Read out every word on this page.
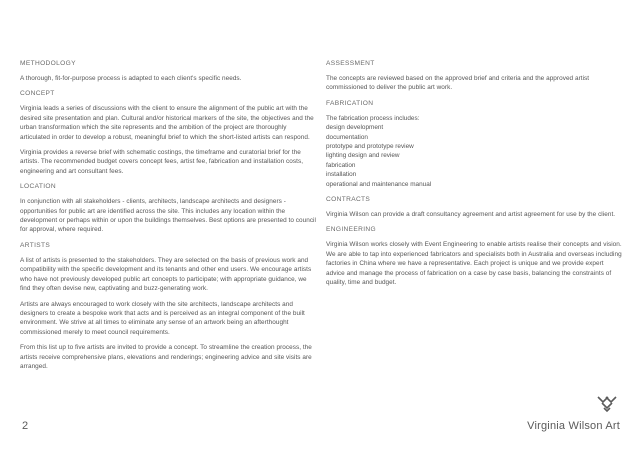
METHODOLOGY
A thorough, fit-for-purpose process is adapted to each client's specific needs.
CONCEPT
Virginia leads a series of discussions with the client to ensure the alignment of the public art with the desired site presentation and plan. Cultural and/or historical markers of the site, the objectives and the urban transformation which the site represents and the ambition of the project are thoroughly articulated in order to develop a robust, meaningful brief to which the short-listed artists can respond.
Virginia provides a reverse brief with schematic costings, the timeframe and curatorial brief for the artists. The recommended budget covers concept fees, artist fee, fabrication and installation costs, engineering and art consultant fees.
LOCATION
In conjunction with all stakeholders - clients, architects, landscape architects and designers - opportunities for public art are identified across the site. This includes any location within the development or perhaps within or upon the buildings themselves. Best options are presented to council for approval, where required.
ARTISTS
A list of artists is presented to the stakeholders. They are selected on the basis of previous work and compatibility with the specific development and its tenants and other end users. We encourage artists who have not previously developed public art concepts to participate; with appropriate guidance, we find they often devise new, captivating and buzz-generating work.
Artists are always encouraged to work closely with the site architects, landscape architects and designers to create a bespoke work that acts and is perceived as an integral component of the built environment. We strive at all times to eliminate any sense of an artwork being an afterthought commissioned merely to meet council requirements.
From this list up to five artists are invited to provide a concept. To streamline the creation process, the artists receive comprehensive plans, elevations and renderings; engineering advice and site visits are arranged.
ASSESSMENT
The concepts are reviewed based on the approved brief and criteria and the approved artist commissioned to deliver the public art work.
FABRICATION
The fabrication process includes:
design development
documentation
prototype and prototype review
lighting design and review
fabrication
installation
operational and maintenance manual
CONTRACTS
Virginia Wilson can provide a draft consultancy agreement and artist agreement for use by the client.
ENGINEERING
Virginia Wilson works closely with Event Engineering to enable artists realise their concepts and vision. We are able to tap into experienced fabricators and specialists both in Australia and overseas including factories in China where we have a representative. Each project is unique and we provide expert advice and manage the process of fabrication on a case by case basis, balancing the constraints of quality, time and budget.
2	Virginia Wilson Art
